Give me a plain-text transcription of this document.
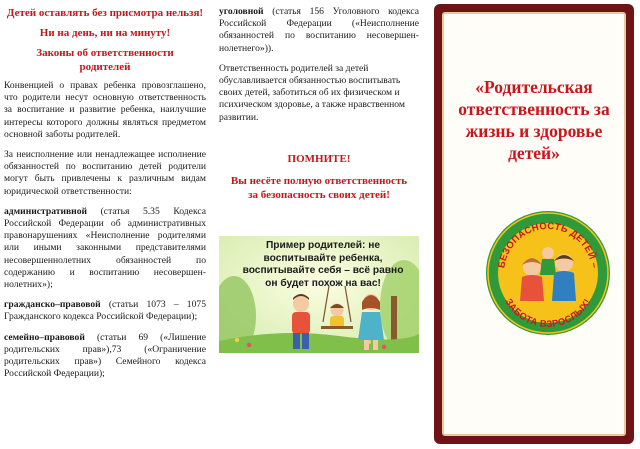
Детей оставлять без присмотра нельзя!
Ни на день, ни на минуту!
Законы об ответственности родителей

Конвенцией о правах ребенка провозглашено, что родители несут основную ответственность за воспитание и развитие ребенка, наилучшие интересы которого должны являться предметом основной заботы родителей.

За неисполнение или ненадлежащее исполнение обязанностей по воспитанию детей родители могут быть привлечены к различным видам юридической ответственности:

административной (статья 5.35 Кодекса Российской Федерации об административных правонарушениях «Неисполнение родителями или иными законными представителями несовершеннолетних обязанностей по содержанию и воспитанию несовершен-нолетних»);

гражданско–правовой (статьи 1073 – 1075 Гражданского кодекса Российской Федерации);

семейно–правовой (статьи 69 («Лишение родительских прав»),73 («Ограничение родительских прав») Семейного кодекса Российской Федерации);

уголовной (статья 156 Уголовного кодекса Российской Федерации («Неисполнение обязанностей по воспитанию несовершен-нолетнего»)).

Ответственность родителей за детей обуславливается обязанностью воспитывать своих детей, заботиться об их физическом и психическом здоровье, а также нравственном развитии.

ПОМНИТЕ!
Вы несёте полную ответственность за безопасность своих детей!
Пример родителей: не воспитывайте ребенка, воспитывайте себя – всё равно он будет похож на вас!
«Родительская ответственность за жизнь и здоровье детей»
БЕЗОПАСНОСТЬ ДЕТЕЙ –
ЗАБОТА ВЗРОСЛЫХ!
